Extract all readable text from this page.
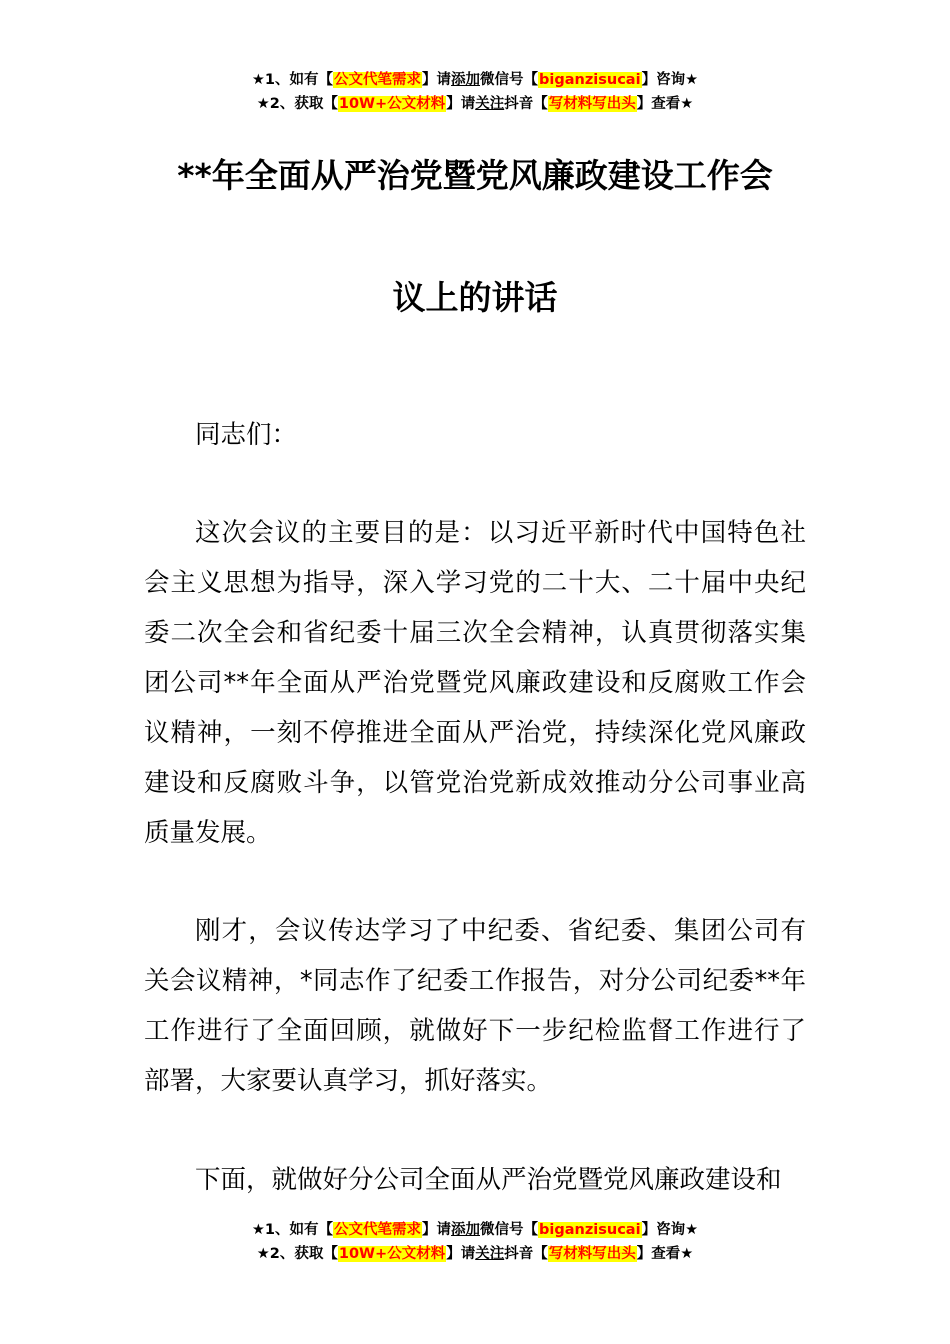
★1、如有【公文代笔需求】请添加微信号【biganzisucai】咨询★
★2、获取【10W+公文材料】请关注抖音【写材料写出头】查看★
**年全面从严治党暨党风廉政建设工作会
议上的讲话

同志们：

这次会议的主要目的是：以习近平新时代中国特色社会主义思想为指导，深入学习党的二十大、二十届中央纪委二次全会和省纪委十届三次全会精神，认真贯彻落实集团公司**年全面从严治党暨党风廉政建设和反腐败工作会议精神，一刻不停推进全面从严治党，持续深化党风廉政建设和反腐败斗争，以管党治党新成效推动分公司事业高质量发展。

刚才，会议传达学习了中纪委、省纪委、集团公司有关会议精神，*同志作了纪委工作报告，对分公司纪委**年工作进行了全面回顾，就做好下一步纪检监督工作进行了部署，大家要认真学习，抓好落实。

下面，就做好分公司全面从严治党暨党风廉政建设和

★1、如有【公文代笔需求】请添加微信号【biganzisucai】咨询★
★2、获取【10W+公文材料】请关注抖音【写材料写出头】查看★
